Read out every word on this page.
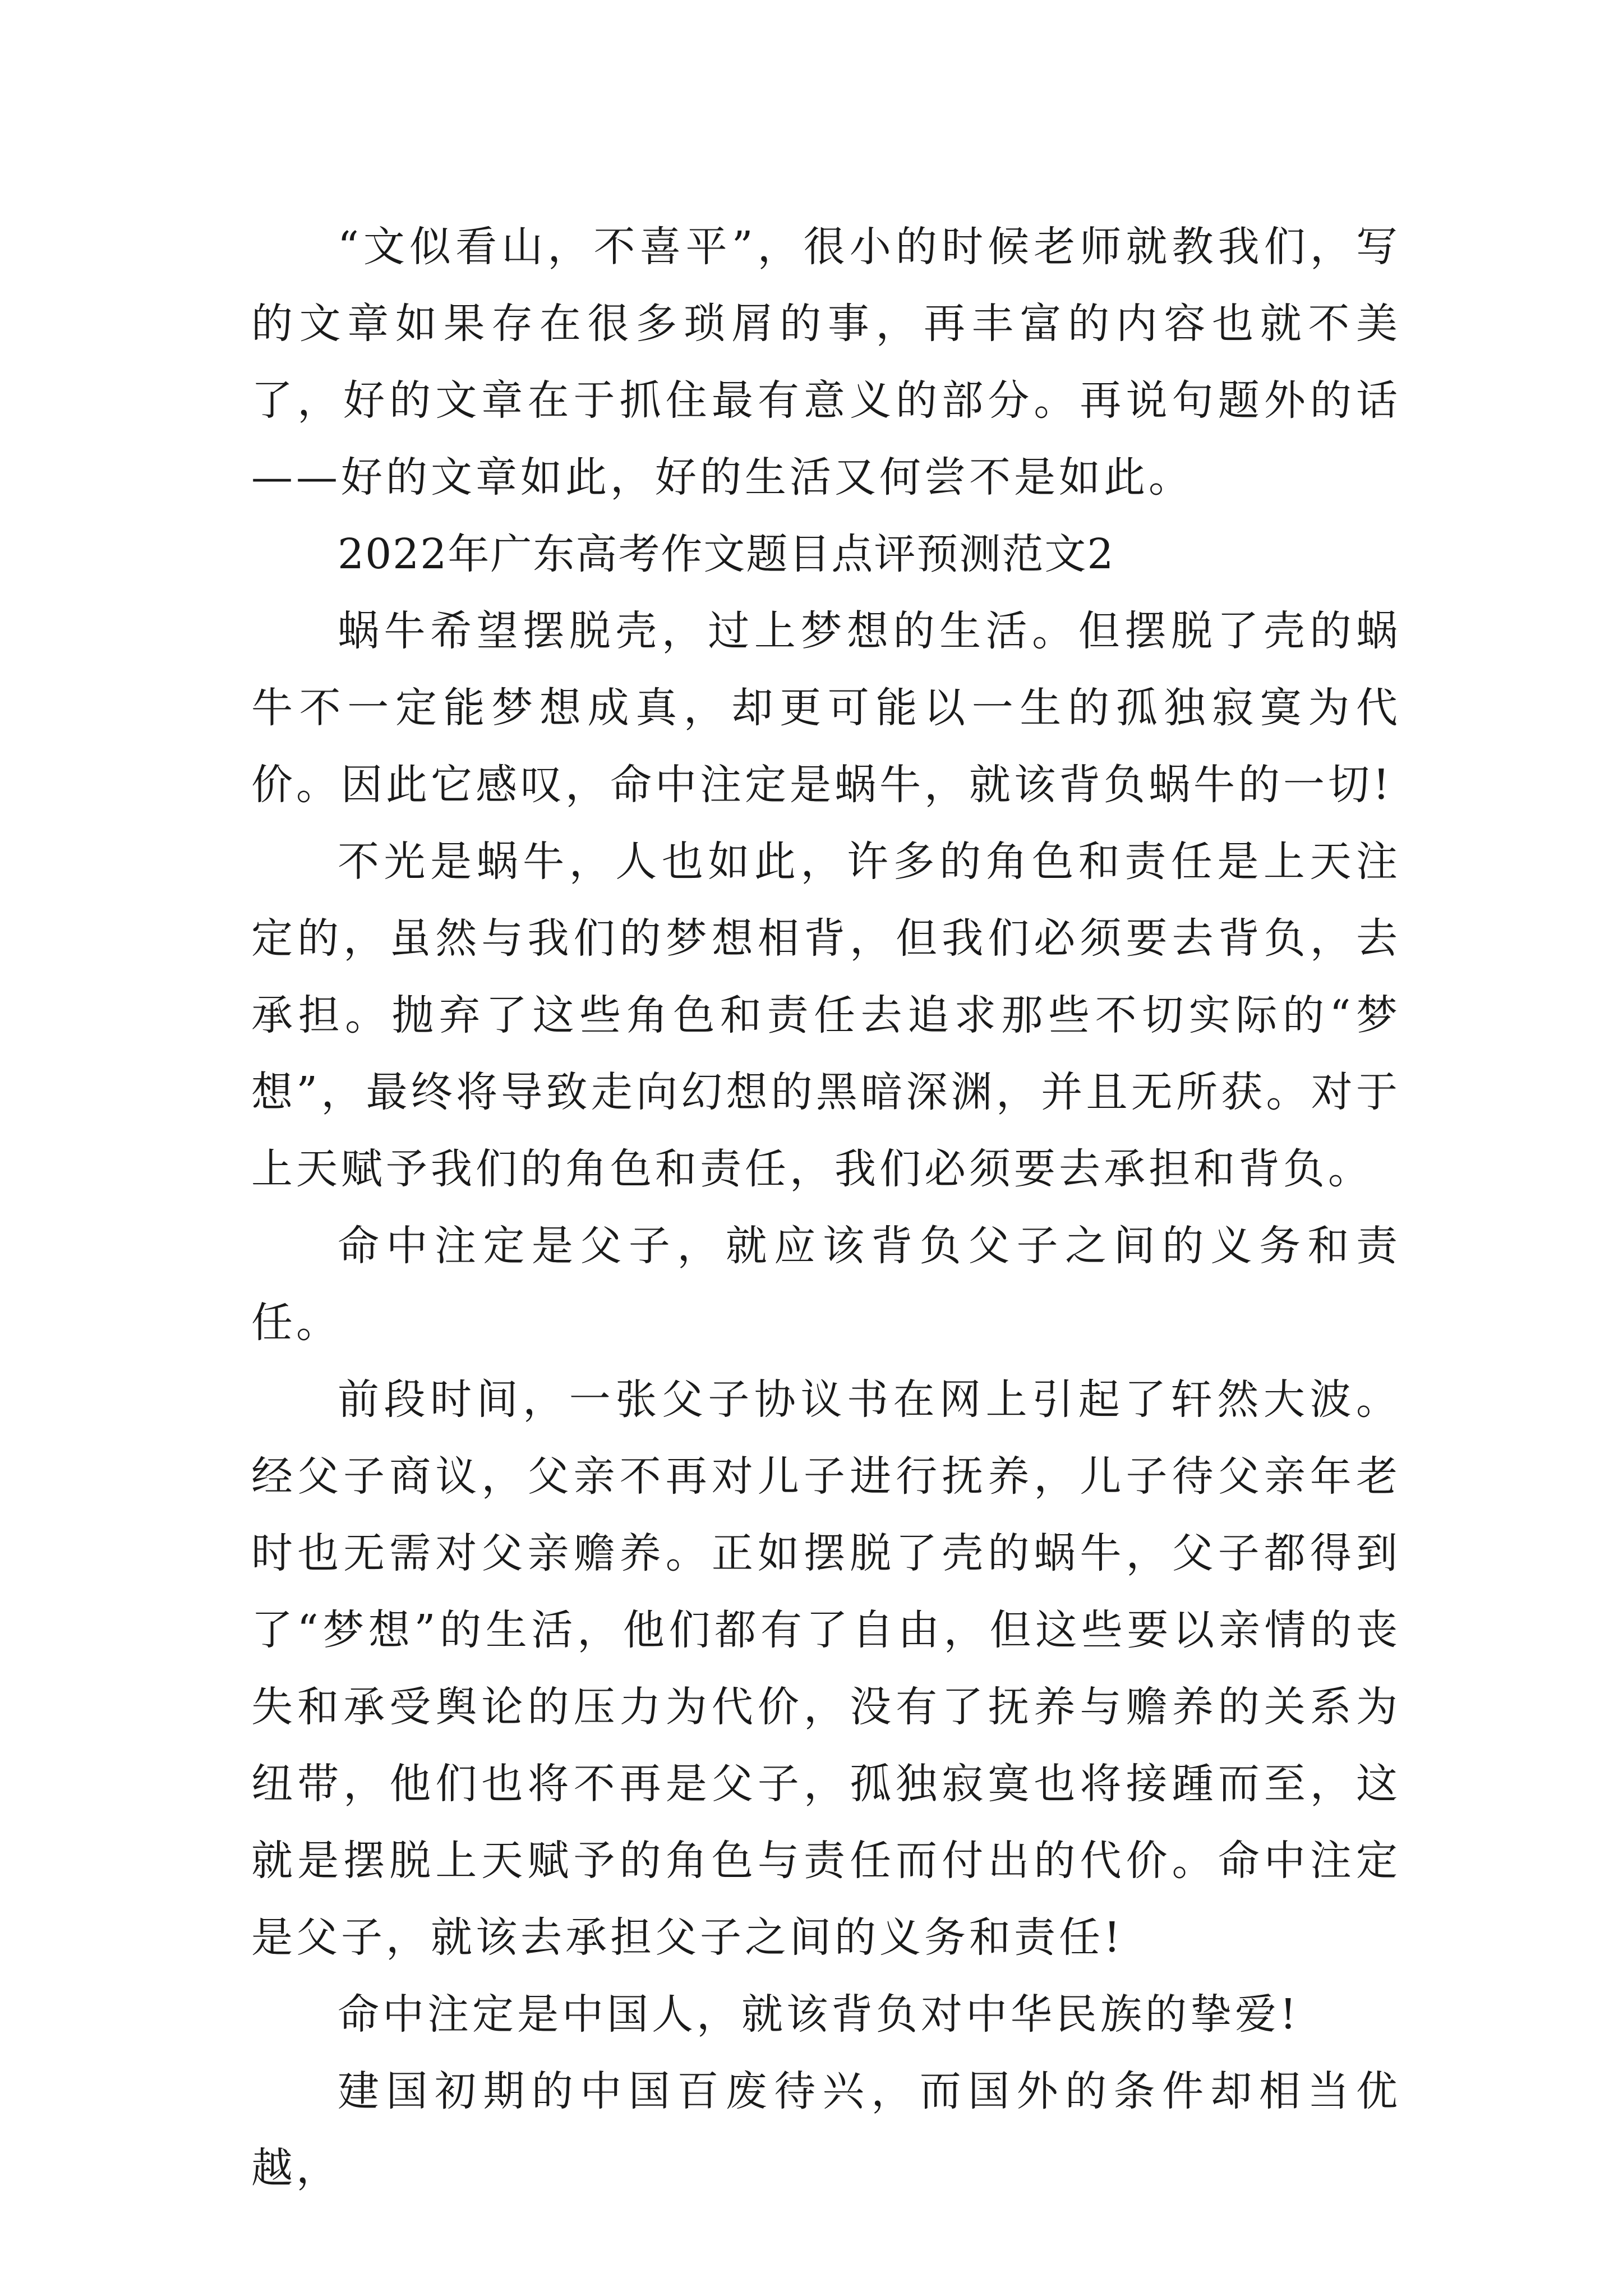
“文似看山，不喜平”，很小的时候老师就教我们，写的文章如果存在很多琐屑的事，再丰富的内容也就不美了，好的文章在于抓住最有意义的部分。再说句题外的话——好的文章如此，好的生活又何尝不是如此。

2022年广东高考作文题目点评预测范文2

蜗牛希望摆脱壳，过上梦想的生活。但摆脱了壳的蜗牛不一定能梦想成真，却更可能以一生的孤独寂寞为代价。因此它感叹，命中注定是蜗牛，就该背负蜗牛的一切!

不光是蜗牛，人也如此，许多的角色和责任是上天注定的，虽然与我们的梦想相背，但我们必须要去背负，去承担。抛弃了这些角色和责任去追求那些不切实际的“梦想”，最终将导致走向幻想的黑暗深渊，并且无所获。对于上天赋予我们的角色和责任，我们必须要去承担和背负。

命中注定是父子，就应该背负父子之间的义务和责任。

前段时间，一张父子协议书在网上引起了轩然大波。经父子商议，父亲不再对儿子进行抚养，儿子待父亲年老时也无需对父亲赡养。正如摆脱了壳的蜗牛，父子都得到了“梦想”的生活，他们都有了自由，但这些要以亲情的丧失和承受舆论的压力为代价，没有了抚养与赡养的关系为纽带，他们也将不再是父子，孤独寂寞也将接踵而至，这就是摆脱上天赋予的角色与责任而付出的代价。命中注定是父子，就该去承担父子之间的义务和责任!

命中注定是中国人，就该背负对中华民族的挚爱!

建国初期的中国百废待兴，而国外的条件却相当优越，
